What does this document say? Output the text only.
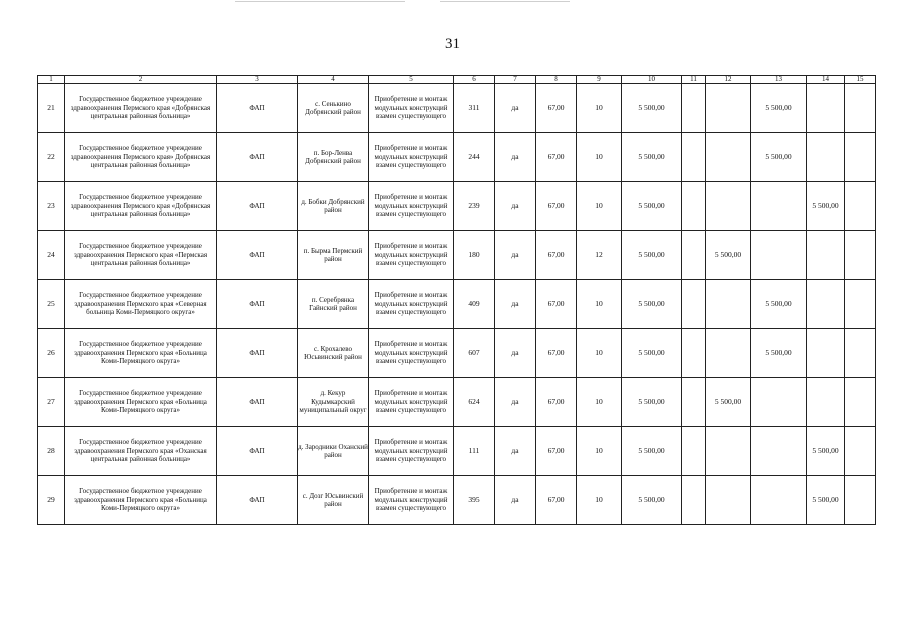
31
1	2	3	4	5	6	7	8	9	10	11	12	13	14	15
21	Государственное бюджетное учреждение здравоохранения Пермского края «Добрянская центральная районная больница»	ФАП	с. Сенькино Добрянский район	Приобретение и монтаж модульных конструкций взамен существующего	311	да	67,00	10	5 500,00			5 500,00		
22	Государственное бюджетное учреждение здравоохранения Пермского края» Добрянская центральная районная больница»	ФАП	п. Бор-Ленва Добрянский район	Приобретение и монтаж модульных конструкций взамен существующего	244	да	67,00	10	5 500,00			5 500,00		
23	Государственное бюджетное учреждение здравоохранения Пермского края «Добрянская центральная районная больница»	ФАП	д. Бобки Добрянский район	Приобретение и монтаж модульных конструкций взамен существующего	239	да	67,00	10	5 500,00				5 500,00	
24	Государственное бюджетное учреждение здравоохранения Пермского края «Пермская центральная районная больница»	ФАП	п. Бырма Пермский район	Приобретение и монтаж модульных конструкций взамен существующего	180	да	67,00	12	5 500,00		5 500,00			
25	Государственное бюджетное учреждение здравоохранения Пермского края «Северная больница Коми-Пермяцкого округа»	ФАП	п. Серебрянка Гайнский район	Приобретение и монтаж модульных конструкций взамен существующего	409	да	67,00	10	5 500,00			5 500,00		
26	Государственное бюджетное учреждение здравоохранения Пермского края «Больница Коми-Пермяцкого округа»	ФАП	с. Крохалево Юсьвинский район	Приобретение и монтаж модульных конструкций взамен существующего	607	да	67,00	10	5 500,00			5 500,00		
27	Государственное бюджетное учреждение здравоохранения Пермского края «Больница Коми-Пермяцкого округа»	ФАП	д. Кекур Кудымкарский муниципальный округ	Приобретение и монтаж модульных конструкций взамен существующего	624	да	67,00	10	5 500,00		5 500,00			
28	Государственное бюджетное учреждение здравоохранения Пермского края «Оханская центральная районная больница»	ФАП	д. Зародники Оханский район	Приобретение и монтаж модульных конструкций взамен существующего	111	да	67,00	10	5 500,00				5 500,00	
29	Государственное бюджетное учреждение здравоохранения Пермского края «Больница Коми-Пермяцкого округа»	ФАП	с. Дозг Юсьвинский район	Приобретение и монтаж модульных конструкций взамен существующего	395	да	67,00	10	5 500,00				5 500,00	
